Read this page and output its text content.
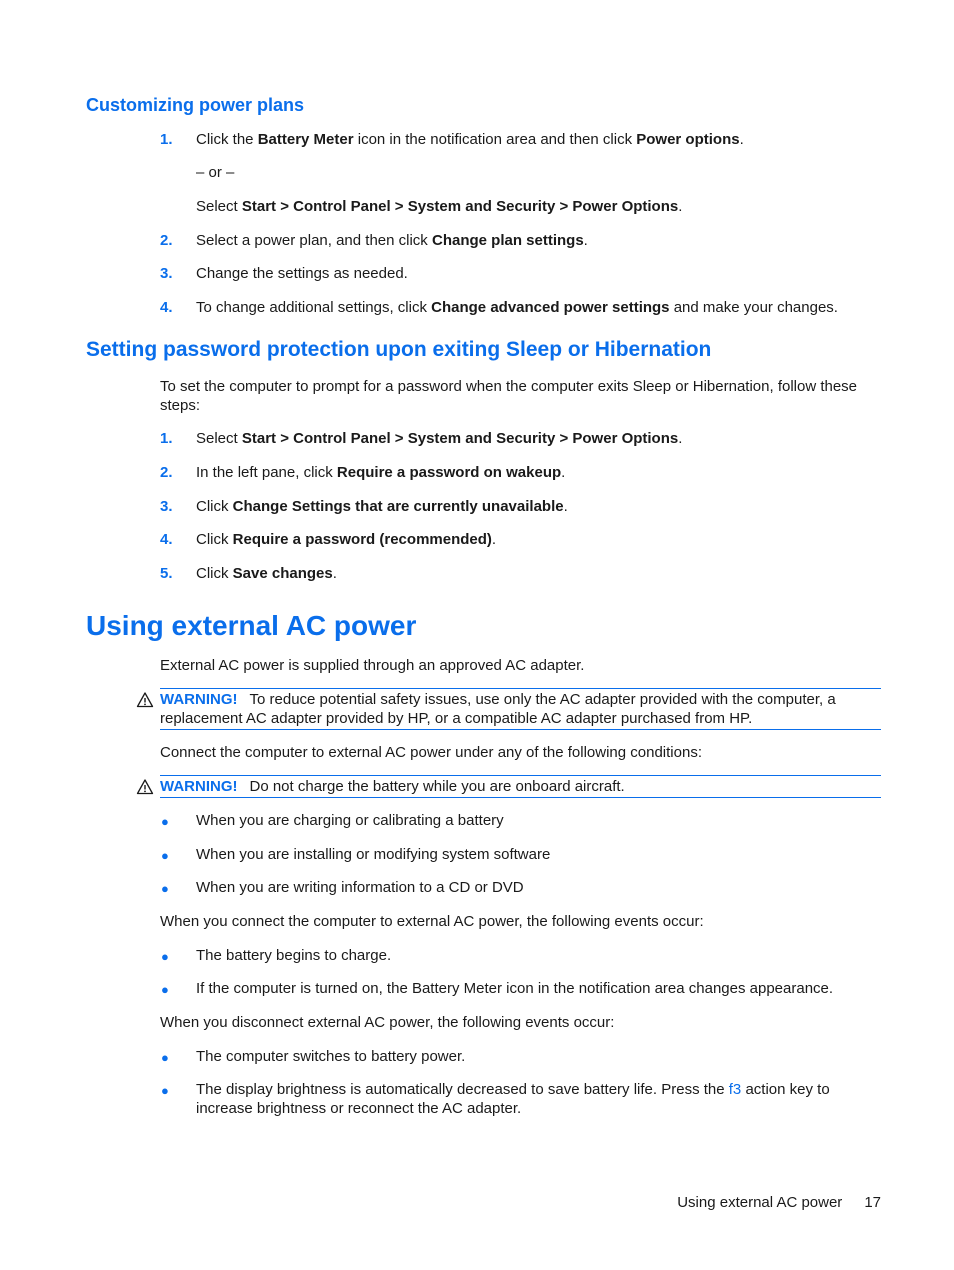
Customizing power plans
1.	Click the Battery Meter icon in the notification area and then click Power options.
– or –
Select Start > Control Panel > System and Security > Power Options.
2.	Select a power plan, and then click Change plan settings.
3.	Change the settings as needed.
4.	To change additional settings, click Change advanced power settings and make your changes.
Setting password protection upon exiting Sleep or Hibernation
To set the computer to prompt for a password when the computer exits Sleep or Hibernation, follow these steps:
1.	Select Start > Control Panel > System and Security > Power Options.
2.	In the left pane, click Require a password on wakeup.
3.	Click Change Settings that are currently unavailable.
4.	Click Require a password (recommended).
5.	Click Save changes.
Using external AC power
External AC power is supplied through an approved AC adapter.
WARNING! To reduce potential safety issues, use only the AC adapter provided with the computer, a replacement AC adapter provided by HP, or a compatible AC adapter purchased from HP.
Connect the computer to external AC power under any of the following conditions:
WARNING! Do not charge the battery while you are onboard aircraft.
●	When you are charging or calibrating a battery
●	When you are installing or modifying system software
●	When you are writing information to a CD or DVD
When you connect the computer to external AC power, the following events occur:
●	The battery begins to charge.
●	If the computer is turned on, the Battery Meter icon in the notification area changes appearance.
When you disconnect external AC power, the following events occur:
●	The computer switches to battery power.
●	The display brightness is automatically decreased to save battery life. Press the f3 action key to increase brightness or reconnect the AC adapter.
Using external AC power 17
